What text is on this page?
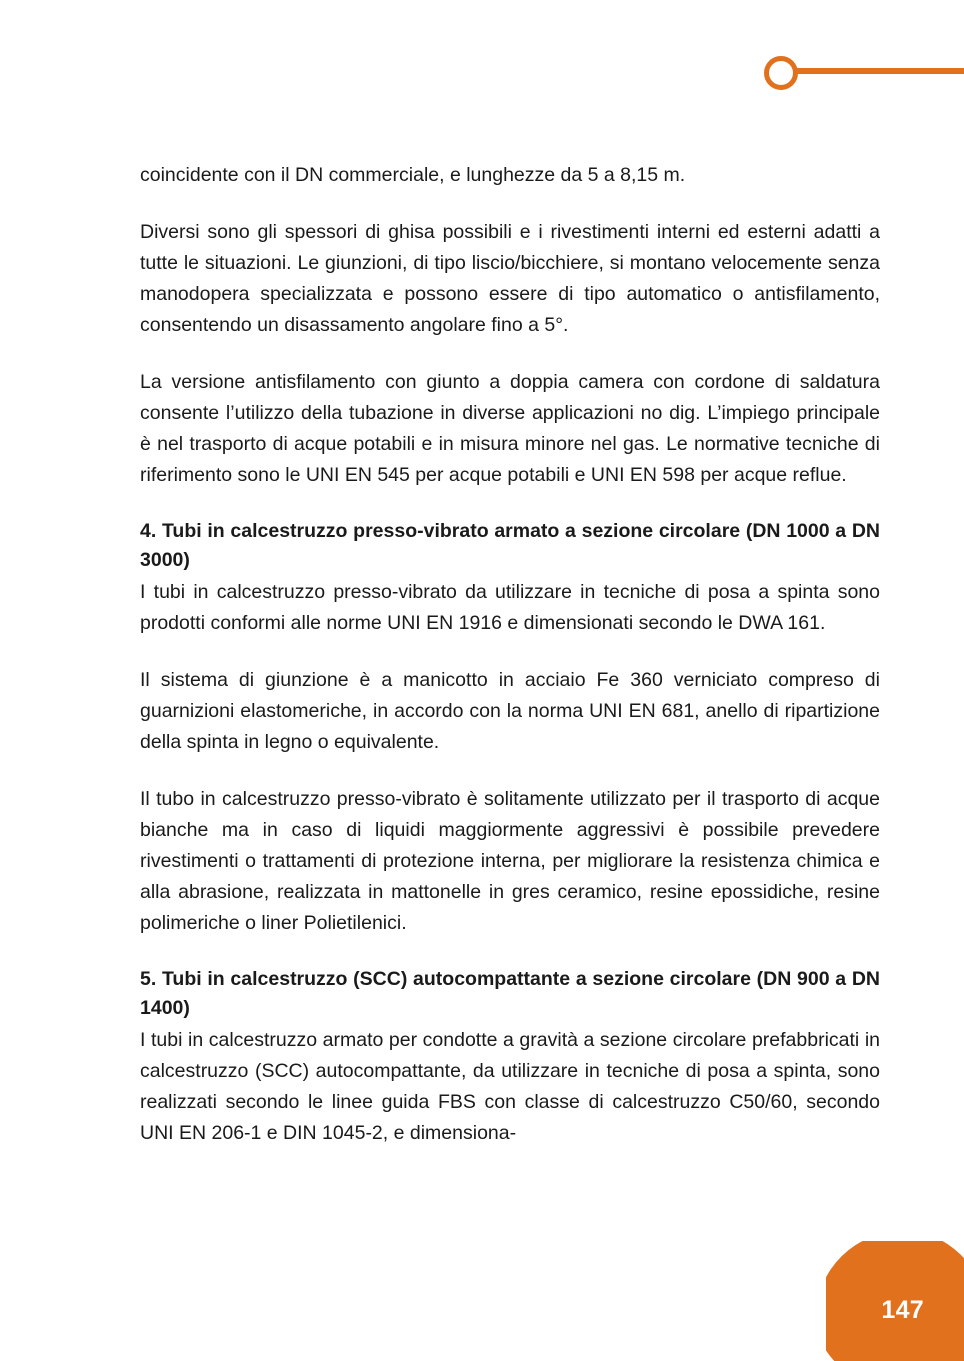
coincidente con il DN commerciale, e lunghezze da 5 a 8,15 m.

Diversi sono gli spessori di ghisa possibili e i rivestimenti interni ed esterni adatti a tutte le situazioni. Le giunzioni, di tipo liscio/bicchiere, si montano velocemente senza manodopera specializzata e possono essere di tipo automatico o antisfilamento, consentendo un disassamento angolare fino a 5°.

La versione antisfilamento con giunto a doppia camera con cordone di saldatura consente l’utilizzo della tubazione in diverse applicazioni no dig. L’impiego principale è nel trasporto di acque potabili e in misura minore nel gas. Le normative tecniche di riferimento sono le UNI EN 545 per acque potabili e UNI EN 598 per acque reflue.

4. Tubi in calcestruzzo presso-vibrato armato a sezione circolare (DN 1000 a DN 3000)

I tubi in calcestruzzo presso-vibrato da utilizzare in tecniche di posa a spinta sono prodotti conformi alle norme UNI EN 1916 e dimensionati secondo le DWA 161.

Il sistema di giunzione è a manicotto in acciaio Fe 360 verniciato compreso di guarnizioni elastomeriche, in accordo con la norma UNI EN 681, anello di ripartizione della spinta in legno o equivalente.

Il tubo in calcestruzzo presso-vibrato è solitamente utilizzato per il trasporto di acque bianche ma in caso di liquidi maggiormente aggressivi è possibile prevedere rivestimenti o trattamenti di protezione interna, per migliorare la resistenza chimica e alla abrasione, realizzata in mattonelle in gres ceramico, resine epossidiche, resine polimeriche o liner Polietilenici.

5. Tubi in calcestruzzo (SCC) autocompattante a sezione circolare (DN 900 a DN 1400)

I tubi in calcestruzzo armato per condotte a gravità a sezione circolare prefabbricati in calcestruzzo (SCC) autocompattante, da utilizzare in tecniche di posa a spinta, sono realizzati secondo le linee guida FBS con classe di calcestruzzo C50/60, secondo UNI EN 206-1 e DIN 1045-2, e dimensiona-

147
